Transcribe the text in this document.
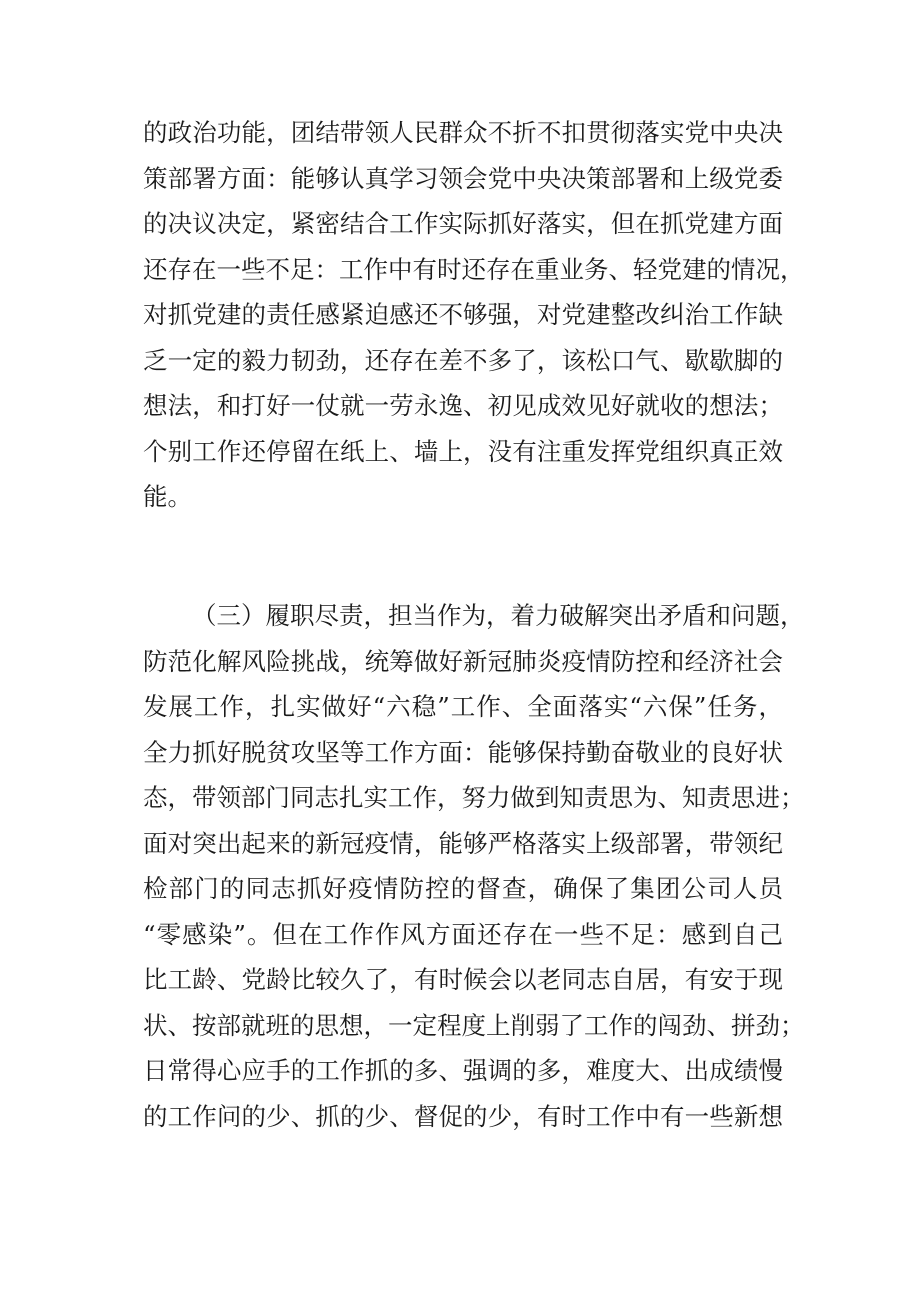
的政治功能，团结带领人民群众不折不扣贯彻落实党中央决
策部署方面：能够认真学习领会党中央决策部署和上级党委
的决议决定，紧密结合工作实际抓好落实，但在抓党建方面
还存在一些不足：工作中有时还存在重业务、轻党建的情况，
对抓党建的责任感紧迫感还不够强，对党建整改纠治工作缺
乏一定的毅力韧劲，还存在差不多了，该松口气、歇歇脚的
想法，和打好一仗就一劳永逸、初见成效见好就收的想法；
个别工作还停留在纸上、墙上，没有注重发挥党组织真正效
能。
（三）履职尽责，担当作为，着力破解突出矛盾和问题，
防范化解风险挑战，统筹做好新冠肺炎疫情防控和经济社会
发展工作，扎实做好“六稳”工作、全面落实“六保”任务，
全力抓好脱贫攻坚等工作方面：能够保持勤奋敬业的良好状
态，带领部门同志扎实工作，努力做到知责思为、知责思进；
面对突出起来的新冠疫情，能够严格落实上级部署，带领纪
检部门的同志抓好疫情防控的督查，确保了集团公司人员
“零感染”。但在工作作风方面还存在一些不足：感到自己
比工龄、党龄比较久了，有时候会以老同志自居，有安于现
状、按部就班的思想，一定程度上削弱了工作的闯劲、拼劲；
日常得心应手的工作抓的多、强调的多，难度大、出成绩慢
的工作问的少、抓的少、督促的少，有时工作中有一些新想
